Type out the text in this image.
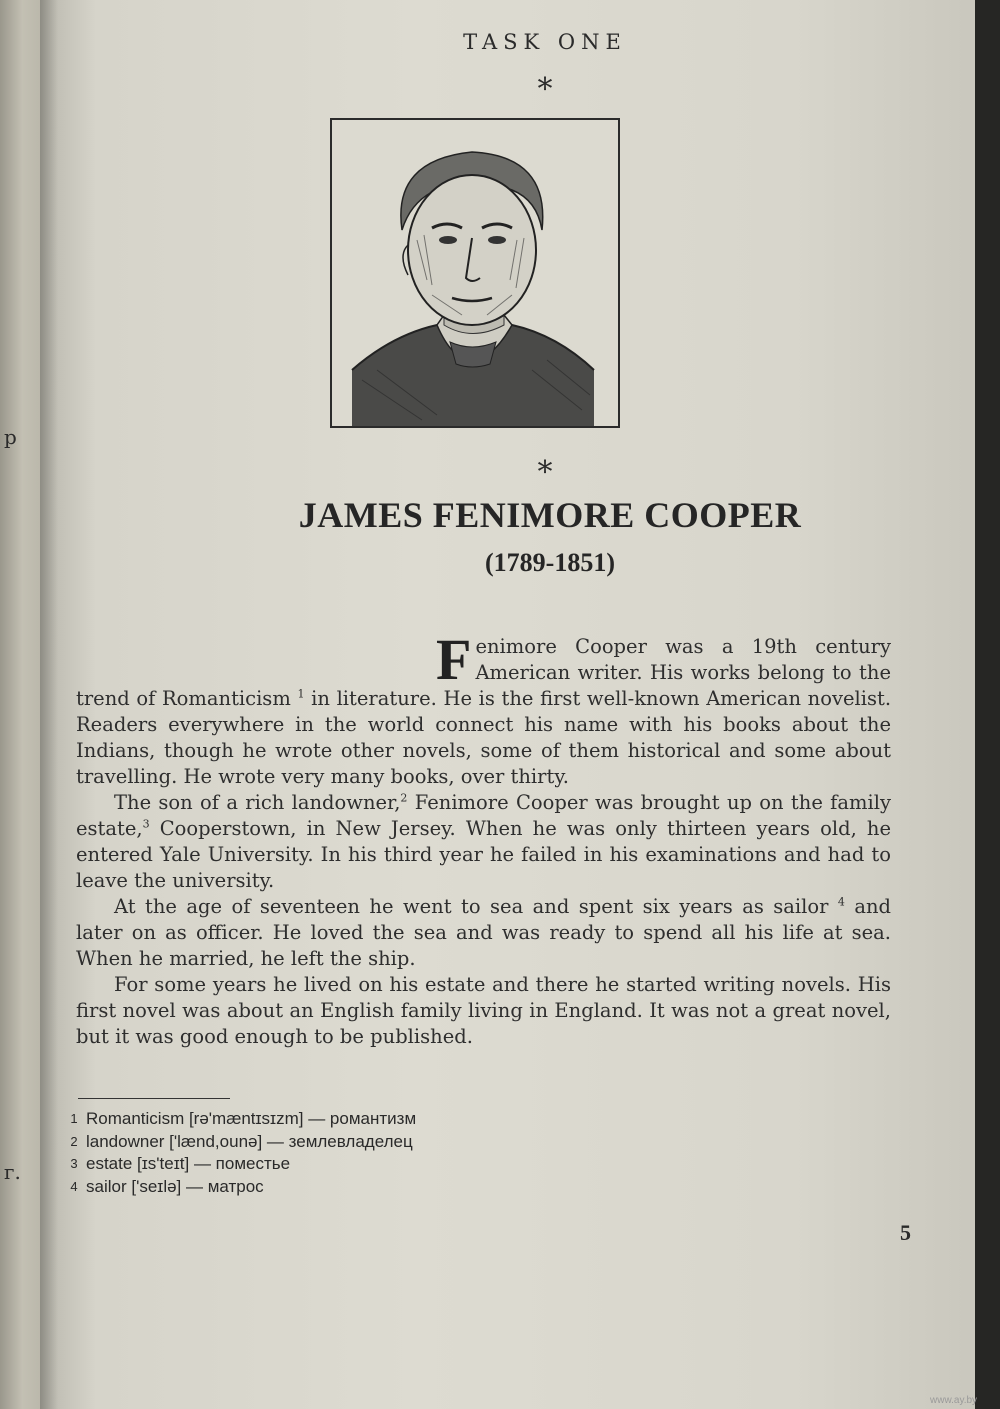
р
г.
TASK ONE
*
*
JAMES FENIMORE COOPER
(1789-1851)

Fenimore Cooper was a 19th century American writer. His works belong to the trend of Romanticism $^1$ in literature. He is the first well-known American novelist. Readers everywhere in the world connect his name with his books about the Indians, though he wrote other novels, some of them historical and some about travelling. He wrote very many books, over thirty.

The son of a rich landowner,$^2$ Fenimore Cooper was brought up on the family estate,$^3$ Cooperstown, in New Jersey. When he was only thirteen years old, he entered Yale University. In his third year he failed in his examinations and had to leave the university.

At the age of seventeen he went to sea and spent six years as sailor $^4$ and later on as officer. He loved the sea and was ready to spend all his life at sea. When he married, he left the ship.

For some years he lived on his estate and there he started writing novels. His first novel was about an English family living in England. It was not a great novel, but it was good enough to be published.

1 Romanticism [rə'mæntɪsɪzm] — романтизм
2 landowner ['lænd,ounə] — землевладелец
3 estate [ɪs'teɪt] — поместье
4 sailor ['seɪlə] — матрос
5
www.ay.by
